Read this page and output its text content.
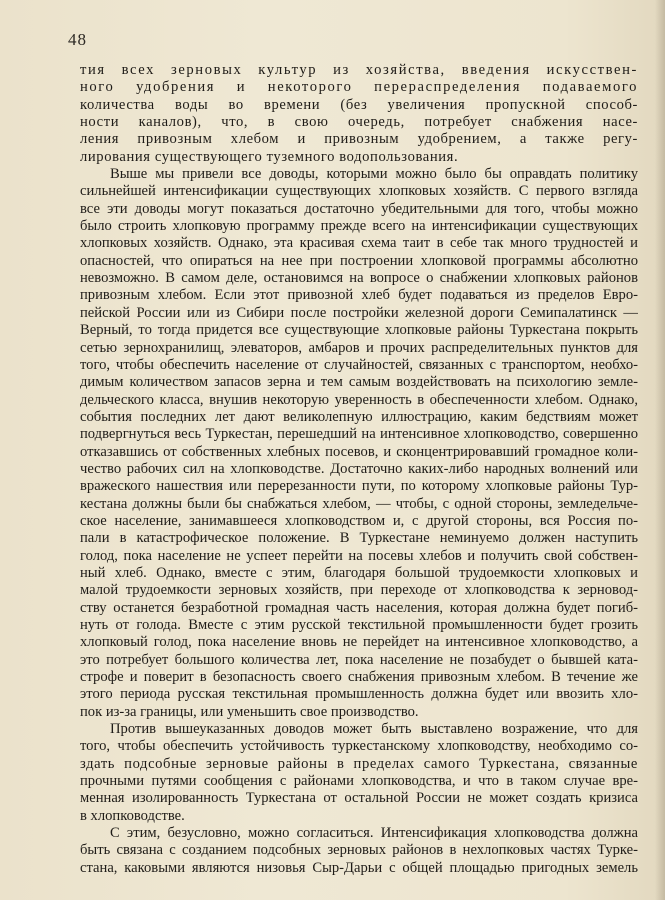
48
тия всех зерновых культур из хозяйства, введения искусствен-
ного удобрения и некоторого перераспределения подаваемого
количества воды во времени (без увеличения пропускной способ-
ности каналов), что, в свою очередь, потребует снабжения насе-
ления привозным хлебом и привозным удобрением, а также регу-
лирования существующего туземного водопользования.
Выше мы привели все доводы, которыми можно было бы оправдать политику
сильнейшей интенсификации существующих хлопковых хозяйств. С первого взгляда
все эти доводы могут показаться достаточно убедительными для того, чтобы можно
было строить хлопковую программу прежде всего на интенсификации существующих
хлопковых хозяйств. Однако, эта красивая схема таит в себе так много трудностей и
опасностей, что опираться на нее при построении хлопковой программы абсолютно
невозможно. В самом деле, остановимся на вопросе о снабжении хлопковых районов
привозным хлебом. Если этот привозной хлеб будет подаваться из пределов Евро-
пейской России или из Сибири после постройки железной дороги Семипалатинск —
Верный, то тогда придется все существующие хлопковые районы Туркестана покрыть
сетью зернохранилищ, элеваторов, амбаров и прочих распределительных пунктов для
того, чтобы обеспечить население от случайностей, связанных с транспортом, необхо-
димым количеством запасов зерна и тем самым воздействовать на психологию земле-
дельческого класса, внушив некоторую уверенность в обеспеченности хлебом. Однако,
события последних лет дают великолепную иллюстрацию, каким бедствиям может
подвергнуться весь Туркестан, перешедший на интенсивное хлопководство, совершенно
отказавшись от собственных хлебных посевов, и сконцентрировавший громадное коли-
чество рабочих сил на хлопководстве. Достаточно каких-либо народных волнений или
вражеского нашествия или перерезанности пути, по которому хлопковые районы Тур-
кестана должны были бы снабжаться хлебом, — чтобы, с одной стороны, земледельче-
ское население, занимавшееся хлопководством и, с другой стороны, вся Россия по-
пали в катастрофическое положение. В Туркестане неминуемо должен наступить
голод, пока население не успеет перейти на посевы хлебов и получить свой собствен-
ный хлеб. Однако, вместе с этим, благодаря большой трудоемкости хлопковых и
малой трудоемкости зерновых хозяйств, при переходе от хлопководства к зерновод-
ству останется безработной громадная часть населения, которая должна будет погиб-
нуть от голода. Вместе с этим русской текстильной промышленности будет грозить
хлопковый голод, пока население вновь не перейдет на интенсивное хлопководство, а
это потребует большого количества лет, пока население не позабудет о бывшей ката-
строфе и поверит в безопасность своего снабжения привозным хлебом. В течение же
этого периода русская текстильная промышленность должна будет или ввозить хло-
пок из-за границы, или уменьшить свое производство.
Против вышеуказанных доводов может быть выставлено возражение, что для
того, чтобы обеспечить устойчивость туркестанскому хлопководству, необходимо со-
здать подсобные зерновые районы в пределах самого Туркестана, связанные
прочными путями сообщения с районами хлопководства, и что в таком случае вре-
менная изолированность Туркестана от остальной России не может создать кризиса
в хлопководстве.
С этим, безусловно, можно согласиться. Интенсификация хлопководства должна
быть связана с созданием подсобных зерновых районов в нехлопковых частях Турке-
стана, каковыми являются низовья Сыр-Дарьи с общей площадью пригодных земель
